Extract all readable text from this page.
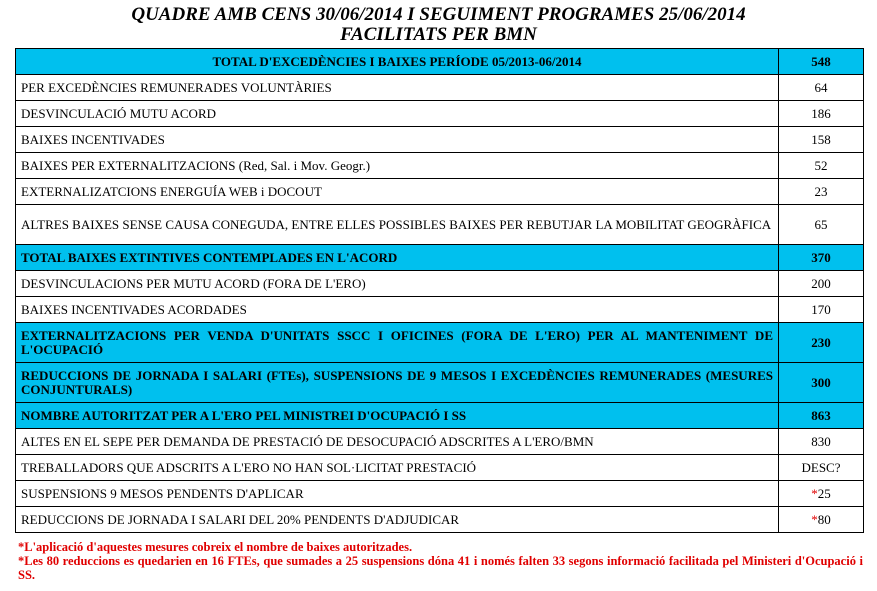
QUADRE AMB CENS 30/06/2014 I SEGUIMENT PROGRAMES 25/06/2014
FACILITATS PER BMN
TOTAL D'EXCEDÈNCIES I BAIXES PERÍODE 05/2013-06/2014	548
PER EXCEDÈNCIES REMUNERADES VOLUNTÀRIES	64
DESVINCULACIÓ MUTU ACORD	186
BAIXES INCENTIVADES	158
BAIXES PER EXTERNALITZACIONS (Red, Sal. i Mov. Geogr.)	52
EXTERNALIZATCIONS ENERGUÍA WEB i DOCOUT	23
ALTRES BAIXES SENSE CAUSA CONEGUDA, ENTRE ELLES POSSIBLES BAIXES PER REBUTJAR LA MOBILITAT GEOGRÀFICA	65
TOTAL BAIXES EXTINTIVES CONTEMPLADES EN L'ACORD	370
DESVINCULACIONS PER MUTU ACORD (FORA DE L'ERO)	200
BAIXES INCENTIVADES ACORDADES	170
EXTERNALITZACIONS PER VENDA D'UNITATS SSCC I OFICINES (FORA DE L'ERO) PER AL MANTENIMENT DE L'OCUPACIÓ	230
REDUCCIONS DE JORNADA I SALARI (FTEs), SUSPENSIONS DE 9 MESOS I EXCEDÈNCIES REMUNERADES (MESURES CONJUNTURALS)	300
NOMBRE AUTORITZAT PER A L'ERO PEL MINISTREI D'OCUPACIÓ I SS	863
ALTES EN EL SEPE PER DEMANDA DE PRESTACIÓ DE DESOCUPACIÓ ADSCRITES A L'ERO/BMN	830
TREBALLADORS QUE ADSCRITS A L'ERO NO HAN SOL·LICITAT PRESTACIÓ	DESC?
SUSPENSIONS 9 MESOS PENDENTS D'APLICAR	*25
REDUCCIONS DE JORNADA I SALARI DEL 20% PENDENTS D'ADJUDICAR	*80

*L'aplicació d'aquestes mesures cobreix el nombre de baixes autoritzades.

*Les 80 reduccions es quedarien en 16 FTEs, que sumades a 25 suspensions dóna 41 i només falten 33 segons informació facilitada pel Ministeri d'Ocupació i SS.
